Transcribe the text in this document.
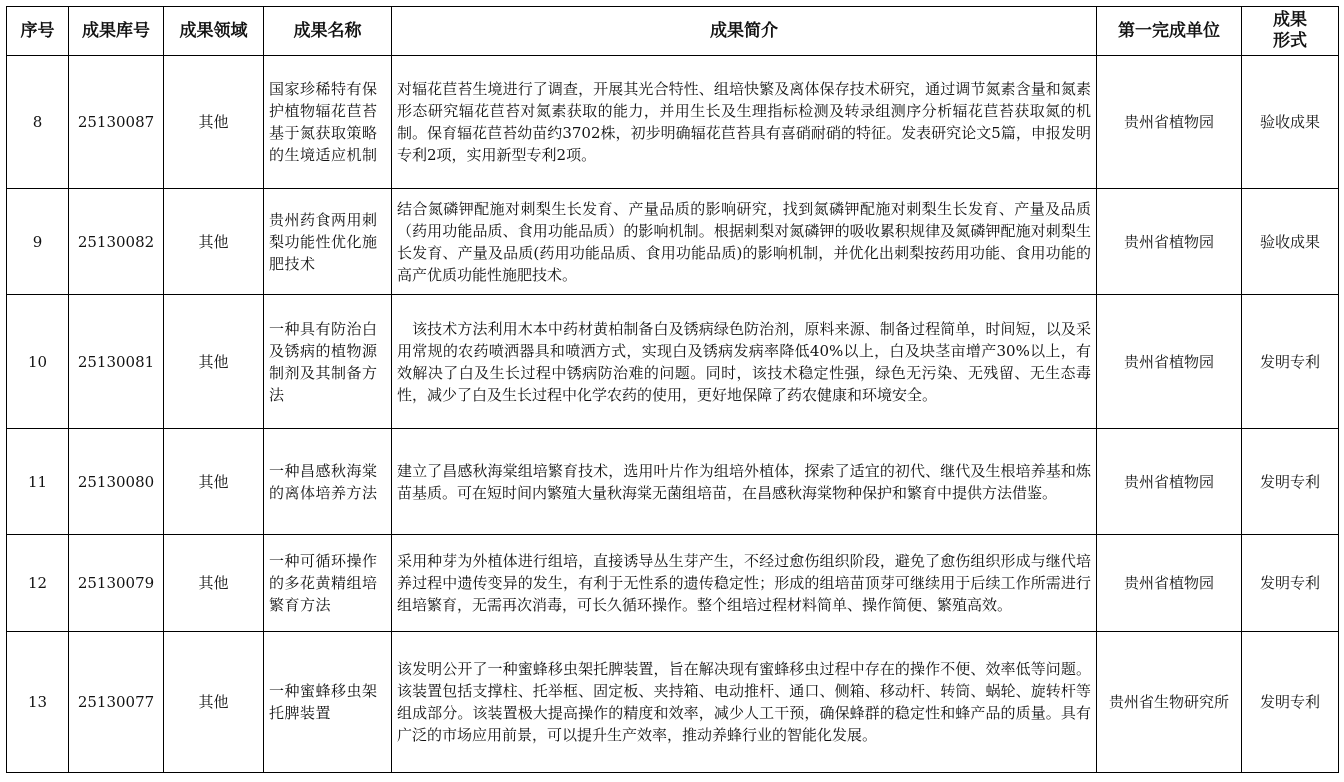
序号	成果库号	成果领域	成果名称	成果简介	第一完成单位	成果
形式
8	25130087	其他	国家珍稀特有保护植物辐花苣苔基于氮获取策略的生境适应机制	对辐花苣苔生境进行了调查，开展其光合特性、组培快繁及离体保存技术研究，通过调节氮素含量和氮素形态研究辐花苣苔对氮素获取的能力，并用生长及生理指标检测及转录组测序分析辐花苣苔获取氮的机制。保育辐花苣苔幼苗约3702株，初步明确辐花苣苔具有喜硝耐硝的特征。发表研究论文5篇，申报发明专利2项，实用新型专利2项。	贵州省植物园	验收成果
9	25130082	其他	贵州药食两用刺梨功能性优化施肥技术	结合氮磷钾配施对刺梨生长发育、产量品质的影响研究，找到氮磷钾配施对刺梨生长发育、产量及品质（药用功能品质、食用功能品质）的影响机制。根据刺梨对氮磷钾的吸收累积规律及氮磷钾配施对刺梨生长发育、产量及品质(药用功能品质、食用功能品质)的影响机制，并优化出刺梨按药用功能、食用功能的高产优质功能性施肥技术。	贵州省植物园	验收成果
10	25130081	其他	一种具有防治白及锈病的植物源制剂及其制备方法	　该技术方法利用木本中药材黄柏制备白及锈病绿色防治剂，原料来源、制备过程简单，时间短，以及采用常规的农药喷洒器具和喷洒方式，实现白及锈病发病率降低40%以上，白及块茎亩增产30%以上，有效解决了白及生长过程中锈病防治难的问题。同时，该技术稳定性强，绿色无污染、无残留、无生态毒性，减少了白及生长过程中化学农药的使用，更好地保障了药农健康和环境安全。	贵州省植物园	发明专利
11	25130080	其他	一种昌感秋海棠的离体培养方法	建立了昌感秋海棠组培繁育技术，选用叶片作为组培外植体，探索了适宜的初代、继代及生根培养基和炼苗基质。可在短时间内繁殖大量秋海棠无菌组培苗，在昌感秋海棠物种保护和繁育中提供方法借鉴。	贵州省植物园	发明专利
12	25130079	其他	一种可循环操作的多花黄精组培繁育方法	采用种芽为外植体进行组培，直接诱导丛生芽产生，不经过愈伤组织阶段，避免了愈伤组织形成与继代培养过程中遗传变异的发生，有利于无性系的遗传稳定性；形成的组培苗顶芽可继续用于后续工作所需进行组培繁育，无需再次消毒，可长久循环操作。整个组培过程材料简单、操作简便、繁殖高效。	贵州省植物园	发明专利
13	25130077	其他	一种蜜蜂移虫架托脾装置	该发明公开了一种蜜蜂移虫架托脾装置，旨在解决现有蜜蜂移虫过程中存在的操作不便、效率低等问题。该装置包括支撑柱、托举框、固定板、夹持箱、电动推杆、通口、侧箱、移动杆、转筒、蜗轮、旋转杆等组成部分。该装置极大提高操作的精度和效率，减少人工干预，确保蜂群的稳定性和蜂产品的质量。具有广泛的市场应用前景，可以提升生产效率，推动养蜂行业的智能化发展。	贵州省生物研究所	发明专利
